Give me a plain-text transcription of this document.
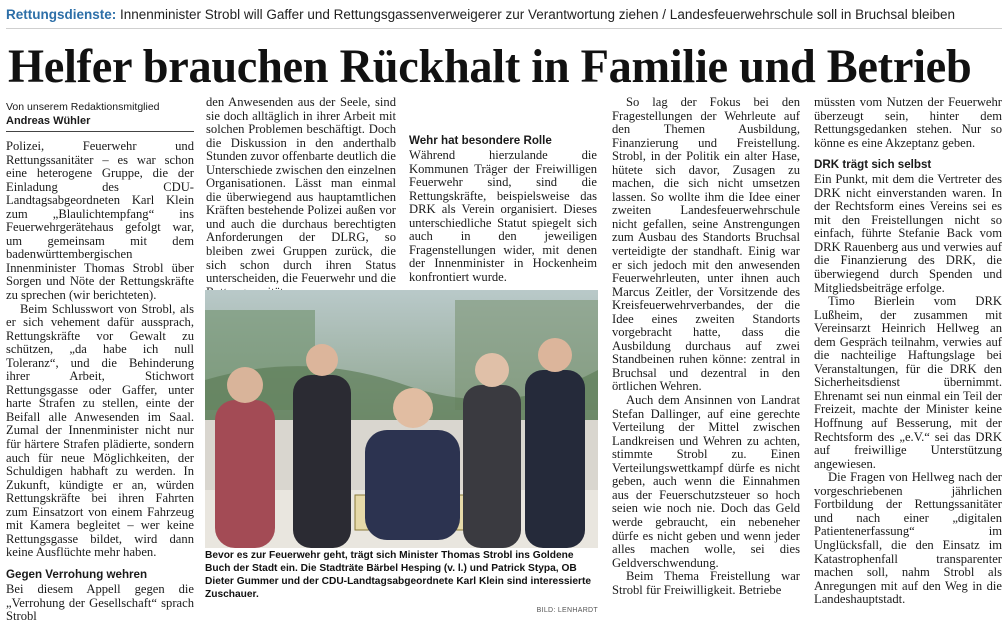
Rettungsdienste: Innenminister Strobl will Gaffer und Rettungsgassenverweigerer zur Verantwortung ziehen / Landesfeuerwehrschule soll in Bruchsal bleiben
Helfer brauchen Rückhalt in Familie und Betrieb
Von unserem Redaktionsmitglied
Andreas Wühler

Polizei, Feuerwehr und Rettungssanitäter – es war schon eine heterogene Gruppe, die der Einladung des CDU-Landtagsabgeordneten Karl Klein zum „Blaulichtempfang“ ins Feuerwehrgerätehaus gefolgt war, um gemeinsam mit dem badenwürttembergischen Innenminister Thomas Strobl über Sorgen und Nöte der Rettungskräfte zu sprechen (wir berichteten).

Beim Schlusswort von Strobl, als er sich vehement dafür aussprach, Rettungskräfte vor Gewalt zu schützen, „da habe ich null Toleranz“, und die Behinderung ihrer Arbeit, Stichwort Rettungsgasse oder Gaffer, unter harte Strafen zu stellen, einte der Beifall alle Anwesenden im Saal. Zumal der Innenminister nicht nur für härtere Strafen plädierte, sondern auch für neue Möglichkeiten, der Schuldigen habhaft zu werden. In Zukunft, kündigte er an, würden Rettungskräfte bei ihren Fahrten zum Einsatzort von einem Fahrzeug mit Kamera begleitet – wer keine Rettungsgasse bildet, wird dann keine Ausflüchte mehr haben.

Gegen Verrohung wehren

Bei diesem Appell gegen die „Verrohung der Gesellschaft“ sprach Strobl

den Anwesenden aus der Seele, sind sie doch alltäglich in ihrer Arbeit mit solchen Problemen beschäftigt. Doch die Diskussion in den anderthalb Stunden zuvor offenbarte deutlich die Unterschiede zwischen den einzelnen Organisationen. Lässt man einmal die überwiegend aus hauptamtlichen Kräften bestehende Polizei außen vor und auch die durchaus berechtigten Anforderungen der DLRG, so bleiben zwei Gruppen zurück, die sich schon durch ihren Status unterscheiden, die Feuerwehr und die

Wehr hat besondere Rolle

Während hierzulande die Kommunen Träger der Freiwilligen Feuerwehr sind, sind die Rettungskräfte, beispielsweise das DRK als Verein organisiert. Dieses unterschiedliche Statut spiegelt sich auch in den jeweiligen Fragenstellungen wider, mit denen der Innenminister in Hockenheim konfrontiert wurde.

Bevor es zur Feuerwehr geht, trägt sich Minister Thomas Strobl ins Goldene Buch der Stadt ein. Die Stadträte Bärbel Hesping (v. l.) und Patrick Stypa, OB Dieter Gummer und der CDU-Landtagsabgeordnete Karl Klein sind interessierte Zuschauer.
BILD: LENHARDT

So lag der Fokus bei den Fragestellungen der Wehrleute auf den Themen Ausbildung, Finanzierung und Freistellung. Strobl, in der Politik ein alter Hase, hütete sich davor, Zusagen zu machen, die sich nicht umsetzen lassen. So wollte ihm die Idee einer zweiten Landesfeuerwehrschule nicht gefallen, seine Anstrengungen zum Ausbau des Standorts Bruchsal verteidigte der standhaft. Einig war er sich jedoch mit den anwesenden Feuerwehrleuten, unter ihnen auch Marcus Zeitler, der Vorsitzende des Kreisfeuerwehrverbandes, der die Idee eines zweiten Standorts vorgebracht hatte, dass die Ausbildung durchaus auf zwei Standbeinen ruhen könne: zentral in Bruchsal und dezentral in den örtlichen Wehren.

Auch dem Ansinnen von Landrat Stefan Dallinger, auf eine gerechte Verteilung der Mittel zwischen Landkreisen und Wehren zu achten, stimmte Strobl zu. Einen Verteilungswettkampf dürfe es nicht geben, auch wenn die Einnahmen aus der Feuerschutzsteuer so hoch seien wie noch nie. Doch das Geld werde gebraucht, ein nebeneher dürfe es nicht geben und wenn jeder alles machen wolle, sei dies Geldverschwendung.

Beim Thema Freistellung war Strobl für Freiwilligkeit. Betriebe

müssten vom Nutzen der Feuerwehr überzeugt sein, hinter dem Rettungsgedanken stehen. Nur so könne es eine Akzeptanz geben.

DRK trägt sich selbst

Ein Punkt, mit dem die Vertreter des DRK nicht einverstanden waren. In der Rechtsform eines Vereins sei es mit den Freistellungen nicht so einfach, führte Stefanie Back vom DRK Rauenberg aus und verwies auf die Finanzierung des DRK, die überwiegend durch Spenden und Mitgliedsbeiträge erfolge.

Timo Bierlein vom DRK Lußheim, der zusammen mit Vereinsarzt Heinrich Hellweg an dem Gespräch teilnahm, verwies auf die nachteilige Haftungslage bei Veranstaltungen, für die DRK den Sicherheitsdienst übernimmt. Ehrenamt sei nun einmal ein Teil der Freizeit, machte der Minister keine Hoffnung auf Besserung, mit der Rechtsform des „e.V.“ sei das DRK auf freiwillige Unterstützung angewiesen.

Die Fragen von Hellweg nach der vorgeschriebenen jährlichen Fortbildung der Rettungssanitäter und nach einer „digitalen Patientenerfassung“ im Unglücksfall, die den Einsatz im Katastrophenfall transparenter machen soll, nahm Strobl als Anregungen mit auf den Weg in die Landeshauptstadt.
